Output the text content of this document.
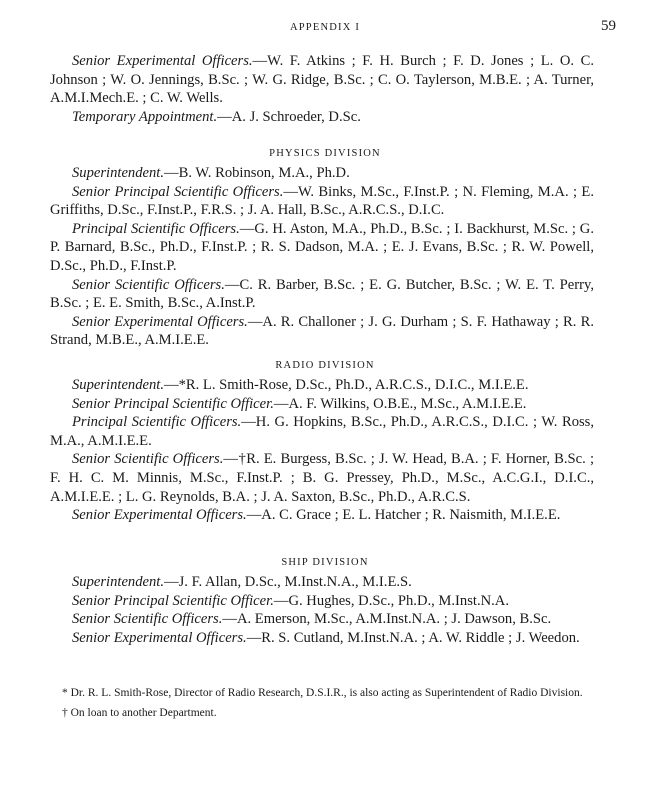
APPENDIX I	59

Senior Experimental Officers.—W. F. Atkins ; F. H. Burch ; F. D. Jones ; L. O. C. Johnson ; W. O. Jennings, B.Sc. ; W. G. Ridge, B.Sc. ; C. O. Taylerson, M.B.E. ; A. Turner, A.M.I.Mech.E. ; C. W. Wells.

Temporary Appointment.—A. J. Schroeder, D.Sc.

PHYSICS DIVISION

Superintendent.—B. W. Robinson, M.A., Ph.D.

Senior Principal Scientific Officers.—W. Binks, M.Sc., F.Inst.P. ; N. Fleming, M.A. ; E. Griffiths, D.Sc., F.Inst.P., F.R.S. ; J. A. Hall, B.Sc., A.R.C.S., D.I.C.

Principal Scientific Officers.—G. H. Aston, M.A., Ph.D., B.Sc. ; I. Backhurst, M.Sc. ; G. P. Barnard, B.Sc., Ph.D., F.Inst.P. ; R. S. Dadson, M.A. ; E. J. Evans, B.Sc. ; R. W. Powell, D.Sc., Ph.D., F.Inst.P.

Senior Scientific Officers.—C. R. Barber, B.Sc. ; E. G. Butcher, B.Sc. ; W. E. T. Perry, B.Sc. ; E. E. Smith, B.Sc., A.Inst.P.

Senior Experimental Officers.—A. R. Challoner ; J. G. Durham ; S. F. Hathaway ; R. R. Strand, M.B.E., A.M.I.E.E.

RADIO DIVISION

Superintendent.—*R. L. Smith-Rose, D.Sc., Ph.D., A.R.C.S., D.I.C., M.I.E.E.

Senior Principal Scientific Officer.—A. F. Wilkins, O.B.E., M.Sc., A.M.I.E.E.

Principal Scientific Officers.—H. G. Hopkins, B.Sc., Ph.D., A.R.C.S., D.I.C. ; W. Ross, M.A., A.M.I.E.E.

Senior Scientific Officers.—†R. E. Burgess, B.Sc. ; J. W. Head, B.A. ; F. Horner, B.Sc. ; F. H. C. M. Minnis, M.Sc., F.Inst.P. ; B. G. Pressey, Ph.D., M.Sc., A.C.G.I., D.I.C., A.M.I.E.E. ; L. G. Reynolds, B.A. ; J. A. Saxton, B.Sc., Ph.D., A.R.C.S.

Senior Experimental Officers.—A. C. Grace ; E. L. Hatcher ; R. Naismith, M.I.E.E.

SHIP DIVISION

Superintendent.—J. F. Allan, D.Sc., M.Inst.N.A., M.I.E.S.

Senior Principal Scientific Officer.—G. Hughes, D.Sc., Ph.D., M.Inst.N.A.

Senior Scientific Officers.—A. Emerson, M.Sc., A.M.Inst.N.A. ; J. Dawson, B.Sc.

Senior Experimental Officers.—R. S. Cutland, M.Inst.N.A. ; A. W. Riddle ; J. Weedon.

* Dr. R. L. Smith-Rose, Director of Radio Research, D.S.I.R., is also acting as Superintendent of Radio Division.

† On loan to another Department.
